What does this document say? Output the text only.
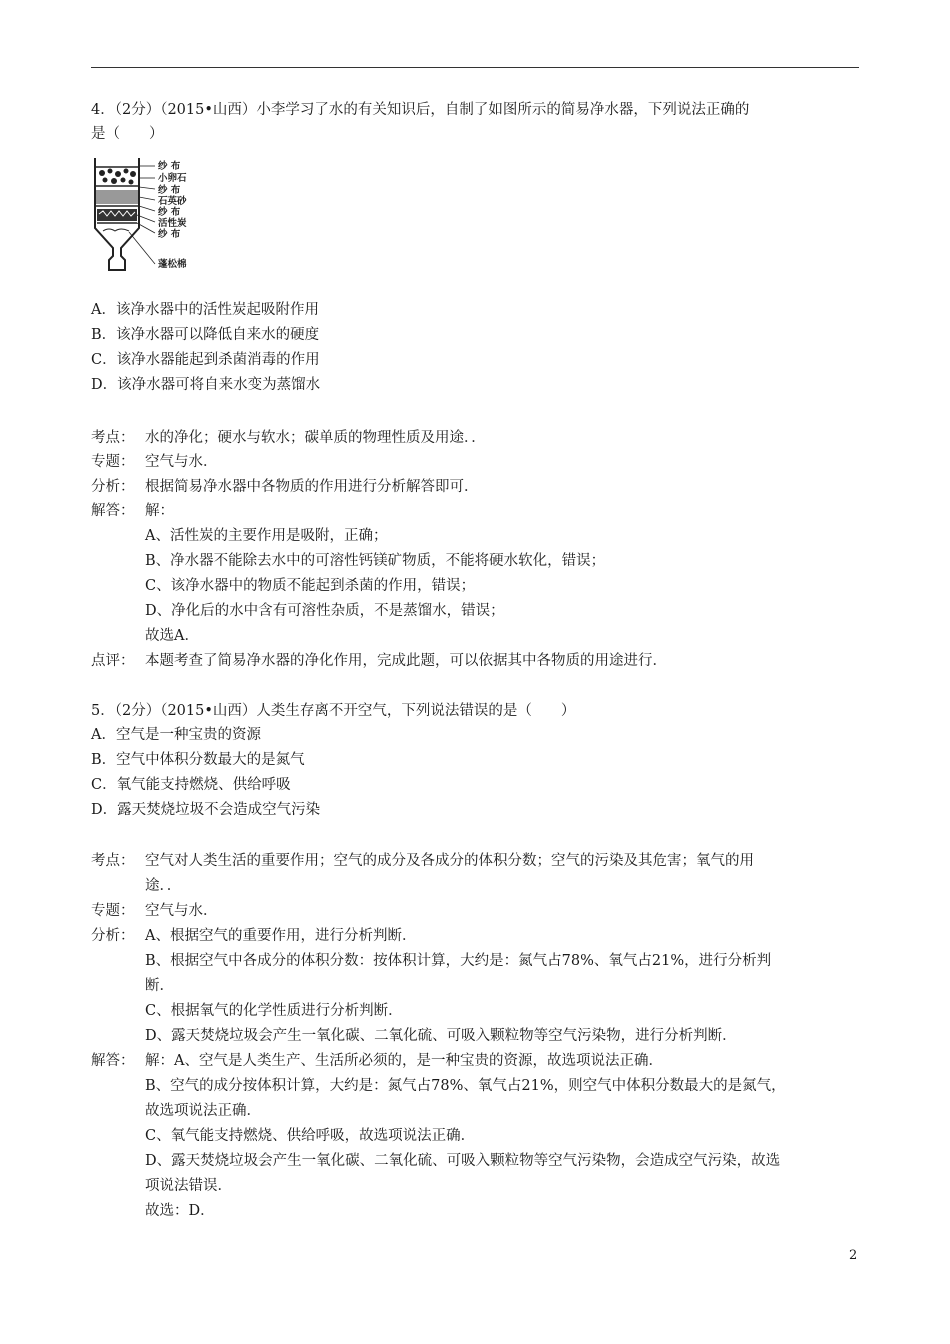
4．（2分）（2015•山西）小李学习了水的有关知识后，自制了如图所示的简易净水器，下列说法正确的
是（　　）
纱 布
小卵石
纱 布
石英砂
纱 布
活性炭
纱 布
蓬松棉
A．该净水器中的活性炭起吸附作用
B．该净水器可以降低自来水的硬度
C．该净水器能起到杀菌消毒的作用
D．该净水器可将自来水变为蒸馏水
考点： 水的净化；硬水与软水；碳单质的物理性质及用途．．
专题： 空气与水．
分析： 根据简易净水器中各物质的作用进行分析解答即可．
解答： 解：
A、活性炭的主要作用是吸附，正确；
B、净水器不能除去水中的可溶性钙镁矿物质，不能将硬水软化，错误；
C、该净水器中的物质不能起到杀菌的作用，错误；
D、净化后的水中含有可溶性杂质，不是蒸馏水，错误；
故选A．
点评： 本题考查了简易净水器的净化作用，完成此题，可以依据其中各物质的用途进行．
5．（2分）（2015•山西）人类生存离不开空气，下列说法错误的是（　　）
A．空气是一种宝贵的资源
B．空气中体积分数最大的是氮气
C．氧气能支持燃烧、供给呼吸
D．露天焚烧垃圾不会造成空气污染
考点： 空气对人类生活的重要作用；空气的成分及各成分的体积分数；空气的污染及其危害；氧气的用
途．．
专题： 空气与水．
分析： A、根据空气的重要作用，进行分析判断．
B、根据空气中各成分的体积分数：按体积计算，大约是：氮气占78%、氧气占21%，进行分析判
断．
C、根据氧气的化学性质进行分析判断．
D、露天焚烧垃圾会产生一氧化碳、二氧化硫、可吸入颗粒物等空气污染物，进行分析判断．
解答： 解：A、空气是人类生产、生活所必须的，是一种宝贵的资源，故选项说法正确．
B、空气的成分按体积计算，大约是：氮气占78%、氧气占21%，则空气中体积分数最大的是氮气，
故选项说法正确．
C、氧气能支持燃烧、供给呼吸，故选项说法正确．
D、露天焚烧垃圾会产生一氧化碳、二氧化硫、可吸入颗粒物等空气污染物，会造成空气污染，故选
项说法错误．
故选：D．
2
